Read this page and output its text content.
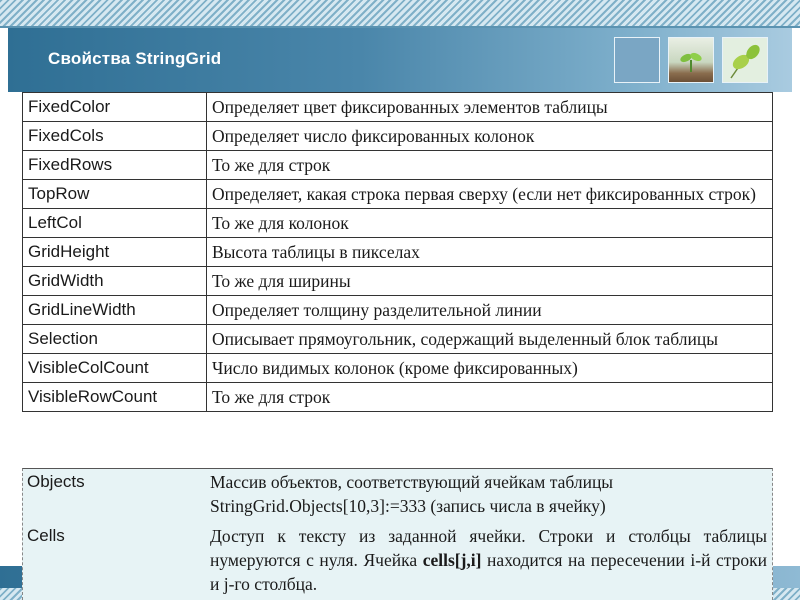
Свойства StringGrid
FixedColor	Определяет цвет фиксированных элементов таблицы
FixedCols	Определяет число фиксированных колонок
FixedRows	То же для строк
TopRow	Определяет, какая строка первая сверху (если нет фиксированных строк)
LeftCol	То же для колонок
GridHeight	Высота таблицы в пикселах
GridWidth	То же для ширины
GridLineWidth	Определяет толщину разделительной линии
Selection	Описывает прямоугольник, содержащий выделенный блок таблицы
VisibleColCount	Число видимых колонок (кроме фиксированных)
VisibleRowCount	То же для строк
Objects	Массив объектов, соответствующий ячейкам таблицы
StringGrid.Objects[10,3]:=333 (запись числа в ячейку)
Cells	Доступ к тексту из заданной ячейки. Строки и столбцы таблицы нумеруются с нуля. Ячейка cells[j,i] находится на пересечении i-й строки и j-го столбца.
